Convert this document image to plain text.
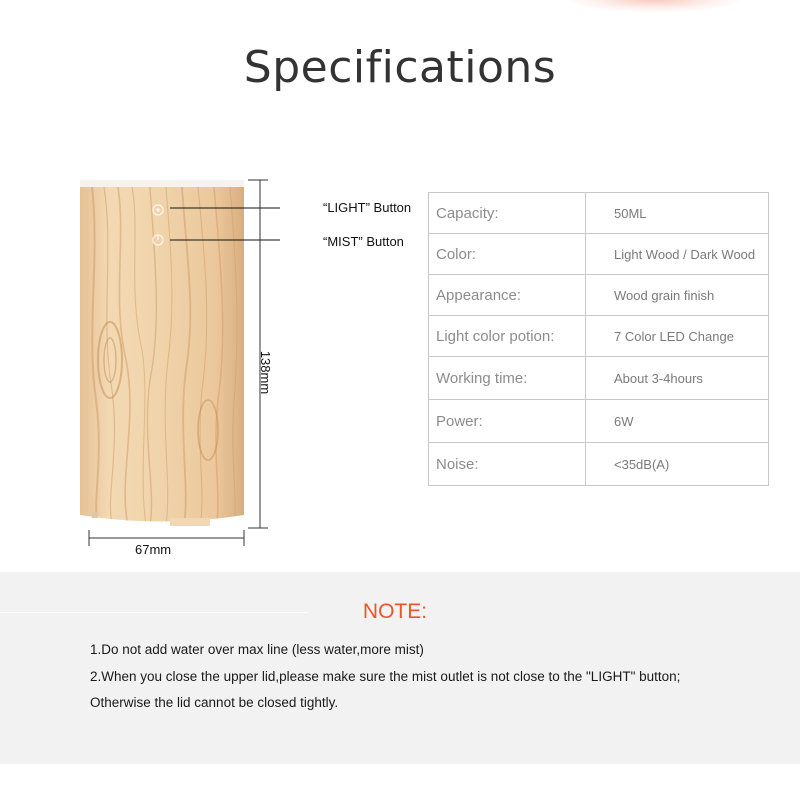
Specifications
“LIGHT” Button
“MIST” Button
138mm
67mm
Capacity:	50ML
Color:	Light Wood / Dark Wood
Appearance:	Wood grain finish
Light color potion:	7 Color LED Change
Working time:	About 3-4hours
Power:	6W
Noise:	<35dB(A)
NOTE:
1.Do not add water over max line (less water,more mist)
2.When you close the upper lid,please make sure the mist outlet is not close to the "LIGHT" button;
Otherwise the lid cannot be closed tightly.
